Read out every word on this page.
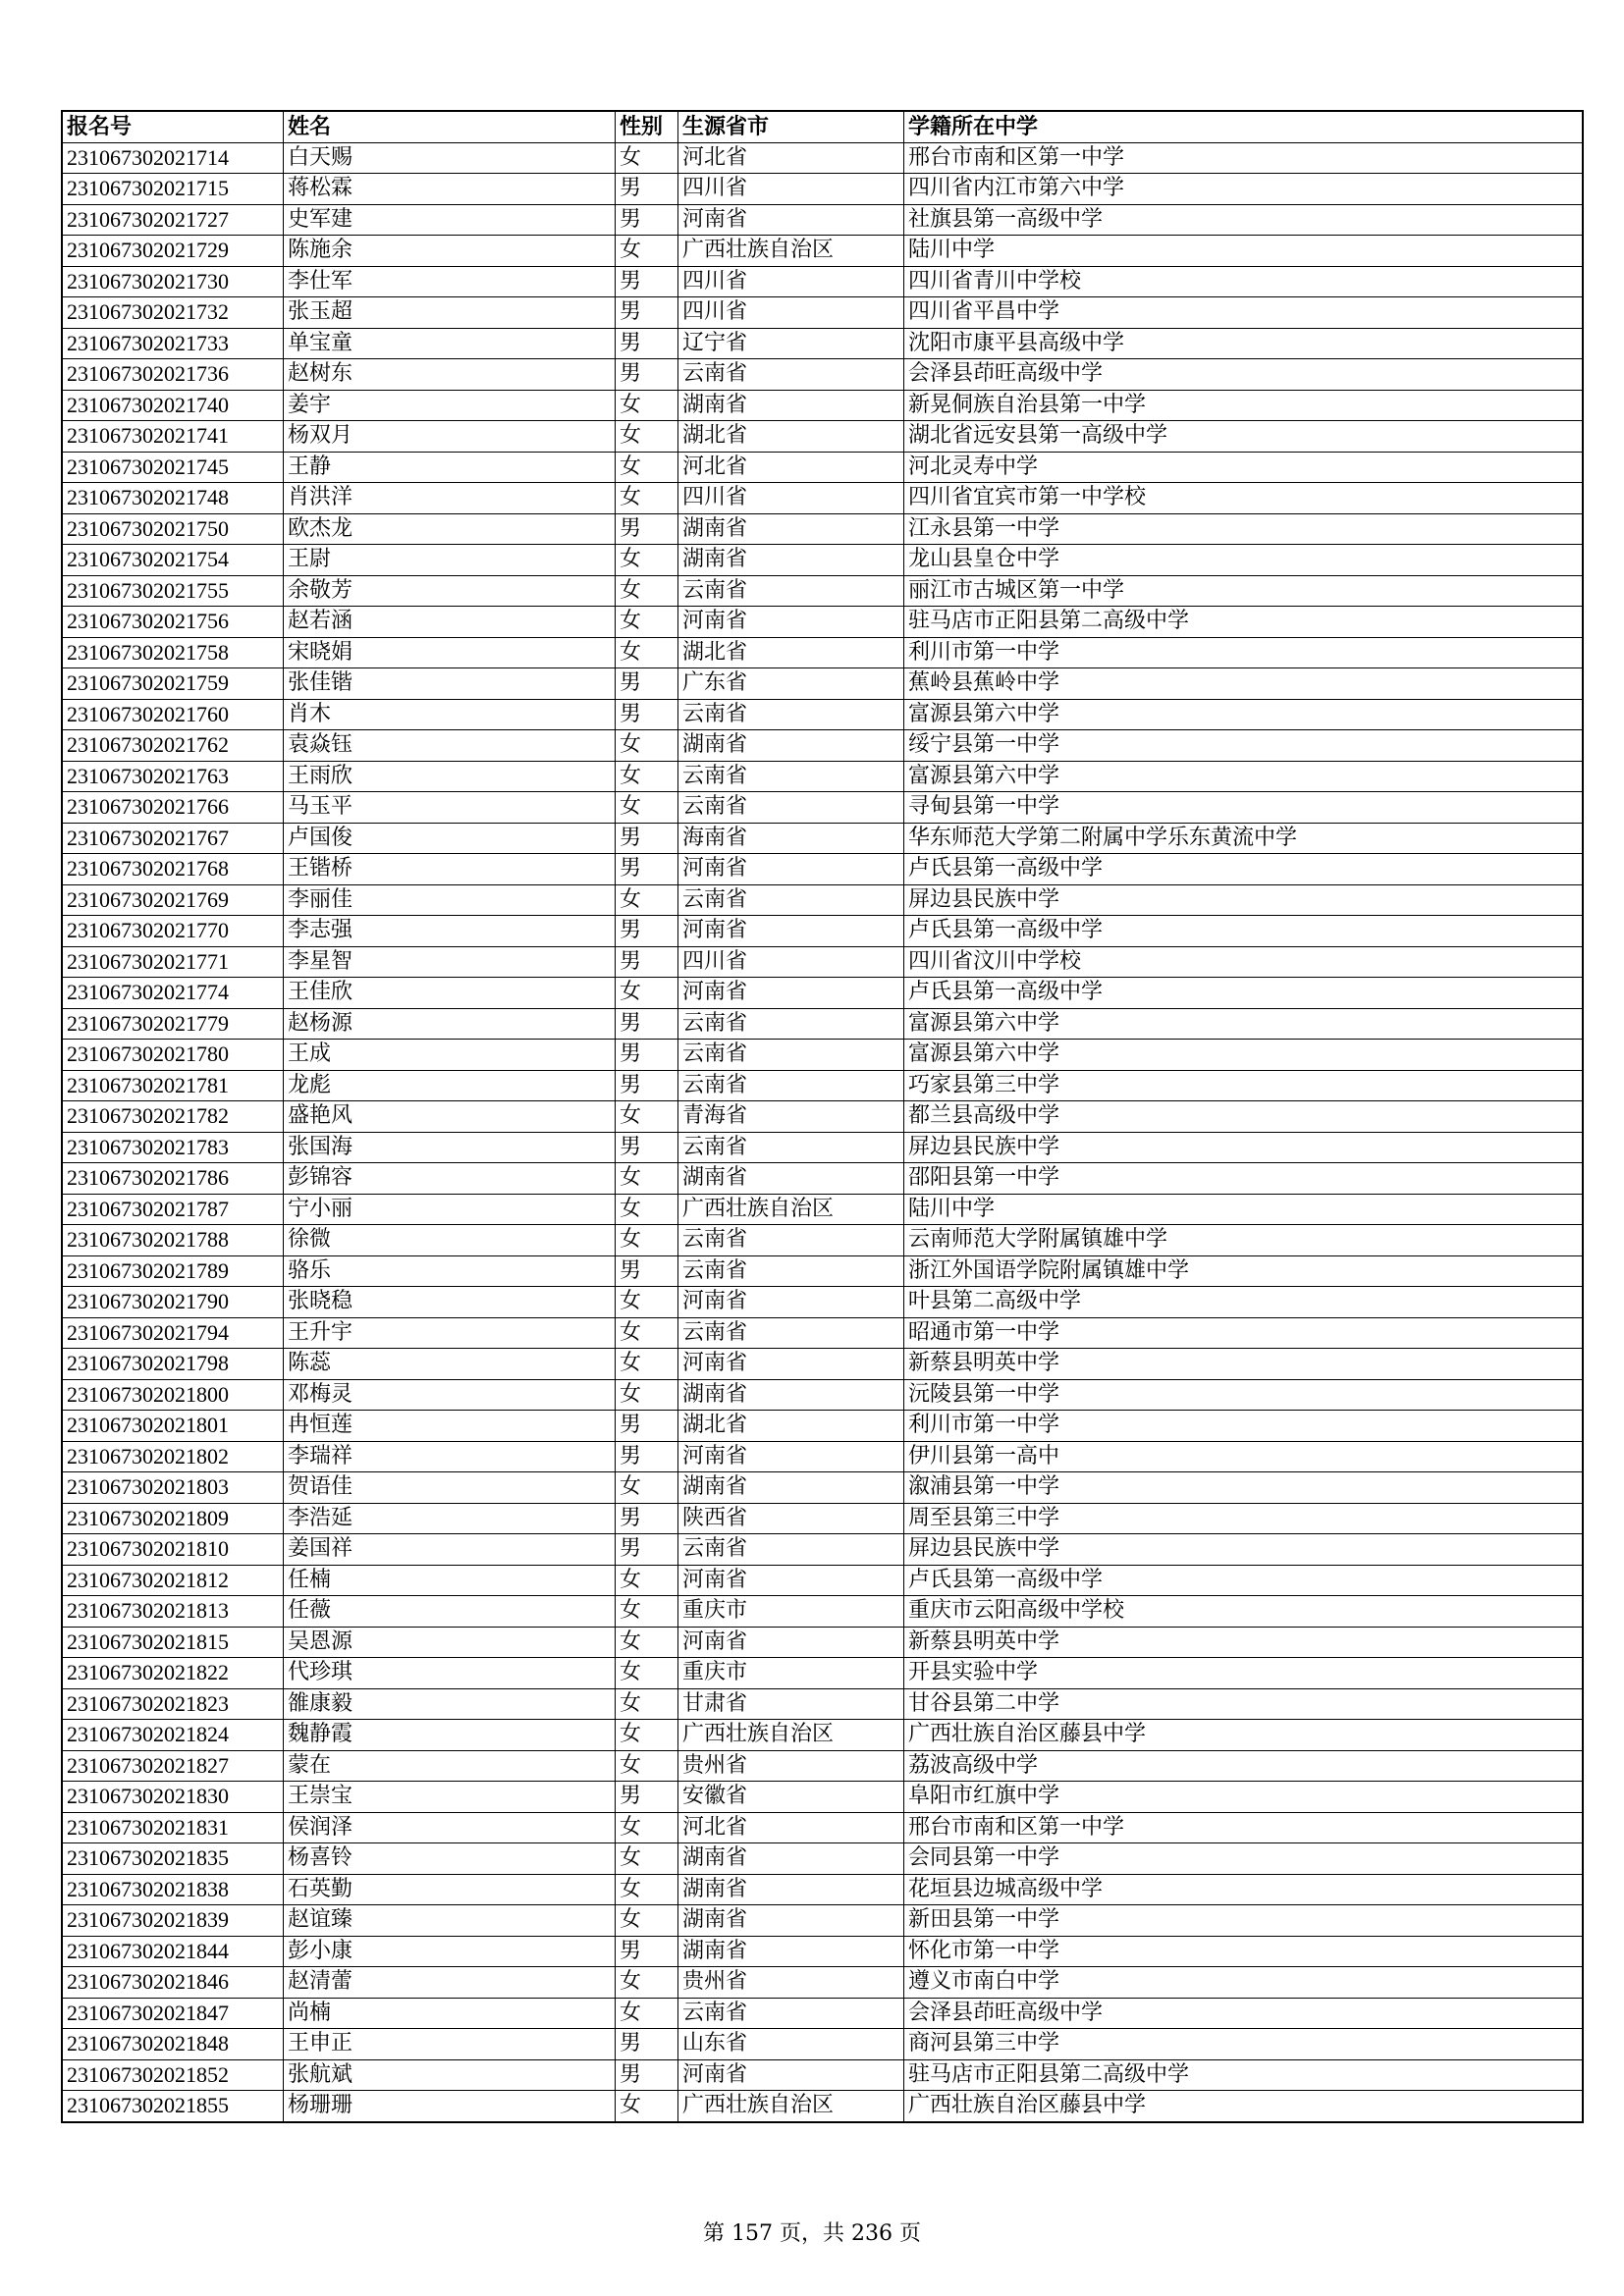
报名号	姓名	性别	生源省市	学籍所在中学
231067302021714	白天赐	女	河北省	邢台市南和区第一中学
231067302021715	蒋松霖	男	四川省	四川省内江市第六中学
231067302021727	史军建	男	河南省	社旗县第一高级中学
231067302021729	陈施余	女	广西壮族自治区	陆川中学
231067302021730	李仕军	男	四川省	四川省青川中学校
231067302021732	张玉超	男	四川省	四川省平昌中学
231067302021733	单宝童	男	辽宁省	沈阳市康平县高级中学
231067302021736	赵树东	男	云南省	会泽县茚旺高级中学
231067302021740	姜宇	女	湖南省	新晃侗族自治县第一中学
231067302021741	杨双月	女	湖北省	湖北省远安县第一高级中学
231067302021745	王静	女	河北省	河北灵寿中学
231067302021748	肖洪洋	女	四川省	四川省宜宾市第一中学校
231067302021750	欧杰龙	男	湖南省	江永县第一中学
231067302021754	王尉	女	湖南省	龙山县皇仓中学
231067302021755	余敬芳	女	云南省	丽江市古城区第一中学
231067302021756	赵若涵	女	河南省	驻马店市正阳县第二高级中学
231067302021758	宋晓娟	女	湖北省	利川市第一中学
231067302021759	张佳锴	男	广东省	蕉岭县蕉岭中学
231067302021760	肖木	男	云南省	富源县第六中学
231067302021762	袁焱钰	女	湖南省	绥宁县第一中学
231067302021763	王雨欣	女	云南省	富源县第六中学
231067302021766	马玉平	女	云南省	寻甸县第一中学
231067302021767	卢国俊	男	海南省	华东师范大学第二附属中学乐东黄流中学
231067302021768	王锴桥	男	河南省	卢氏县第一高级中学
231067302021769	李丽佳	女	云南省	屏边县民族中学
231067302021770	李志强	男	河南省	卢氏县第一高级中学
231067302021771	李星智	男	四川省	四川省汶川中学校
231067302021774	王佳欣	女	河南省	卢氏县第一高级中学
231067302021779	赵杨源	男	云南省	富源县第六中学
231067302021780	王成	男	云南省	富源县第六中学
231067302021781	龙彪	男	云南省	巧家县第三中学
231067302021782	盛艳风	女	青海省	都兰县高级中学
231067302021783	张国海	男	云南省	屏边县民族中学
231067302021786	彭锦容	女	湖南省	邵阳县第一中学
231067302021787	宁小丽	女	广西壮族自治区	陆川中学
231067302021788	徐微	女	云南省	云南师范大学附属镇雄中学
231067302021789	骆乐	男	云南省	浙江外国语学院附属镇雄中学
231067302021790	张晓稳	女	河南省	叶县第二高级中学
231067302021794	王升宇	女	云南省	昭通市第一中学
231067302021798	陈蕊	女	河南省	新蔡县明英中学
231067302021800	邓梅灵	女	湖南省	沅陵县第一中学
231067302021801	冉恒莲	男	湖北省	利川市第一中学
231067302021802	李瑞祥	男	河南省	伊川县第一高中
231067302021803	贺语佳	女	湖南省	溆浦县第一中学
231067302021809	李浩延	男	陕西省	周至县第三中学
231067302021810	姜国祥	男	云南省	屏边县民族中学
231067302021812	任楠	女	河南省	卢氏县第一高级中学
231067302021813	任薇	女	重庆市	重庆市云阳高级中学校
231067302021815	吴恩源	女	河南省	新蔡县明英中学
231067302021822	代珍琪	女	重庆市	开县实验中学
231067302021823	雒康毅	女	甘肃省	甘谷县第二中学
231067302021824	魏静霞	女	广西壮族自治区	广西壮族自治区藤县中学
231067302021827	蒙在	女	贵州省	荔波高级中学
231067302021830	王崇宝	男	安徽省	阜阳市红旗中学
231067302021831	侯润泽	女	河北省	邢台市南和区第一中学
231067302021835	杨喜铃	女	湖南省	会同县第一中学
231067302021838	石英勤	女	湖南省	花垣县边城高级中学
231067302021839	赵谊臻	女	湖南省	新田县第一中学
231067302021844	彭小康	男	湖南省	怀化市第一中学
231067302021846	赵清蕾	女	贵州省	遵义市南白中学
231067302021847	尚楠	女	云南省	会泽县茚旺高级中学
231067302021848	王申正	男	山东省	商河县第三中学
231067302021852	张航斌	男	河南省	驻马店市正阳县第二高级中学
231067302021855	杨珊珊	女	广西壮族自治区	广西壮族自治区藤县中学
第 157 页，共 236 页
